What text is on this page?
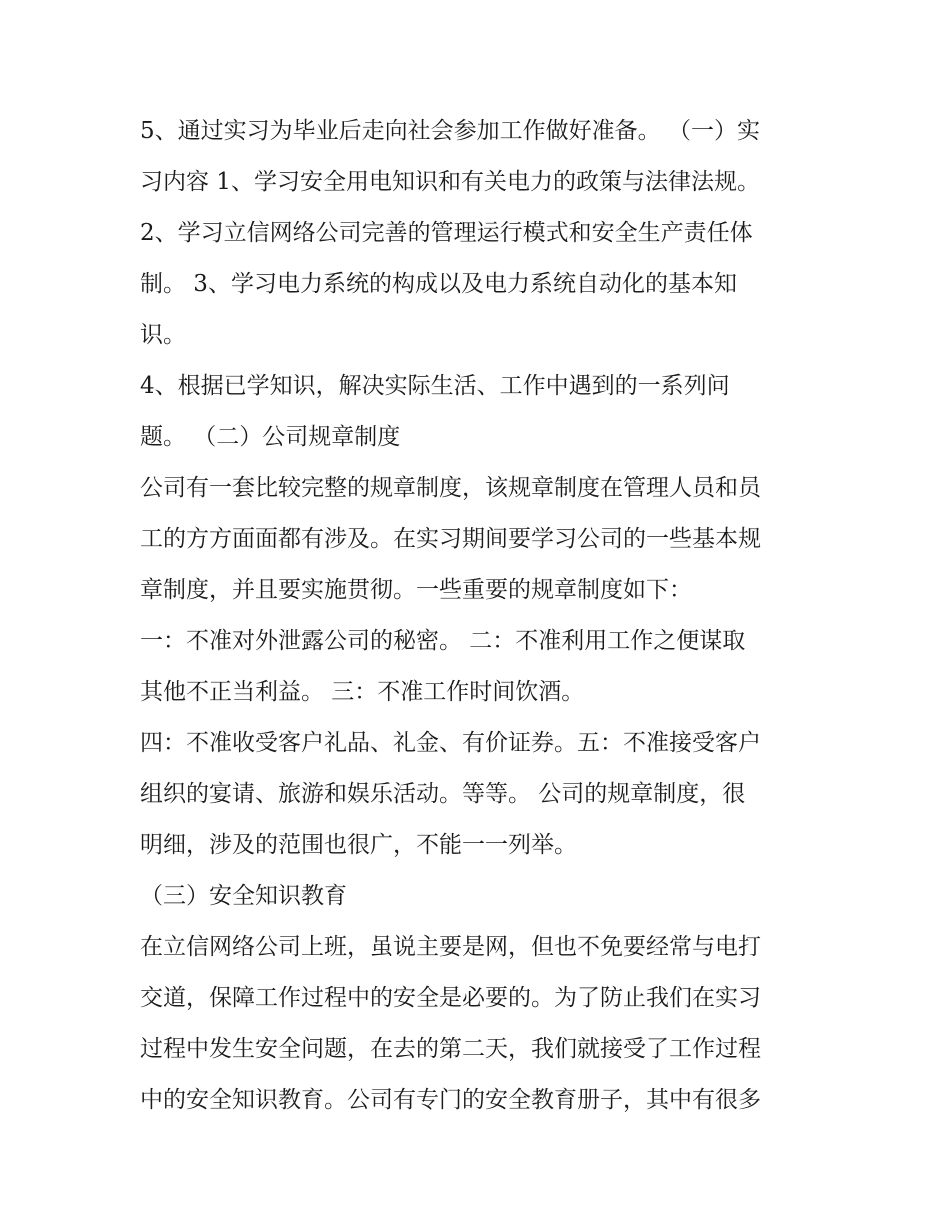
5、通过实习为毕业后走向社会参加工作做好准备。 （一）实
习内容 1、学习安全用电知识和有关电力的政策与法律法规。
2、学习立信网络公司完善的管理运行模式和安全生产责任体
制。 3、学习电力系统的构成以及电力系统自动化的基本知
识。
4、根据已学知识，解决实际生活、工作中遇到的一系列问
题。 （二）公司规章制度
公司有一套比较完整的规章制度，该规章制度在管理人员和员
工的方方面面都有涉及。在实习期间要学习公司的一些基本规
章制度，并且要实施贯彻。一些重要的规章制度如下：
一：不准对外泄露公司的秘密。 二：不准利用工作之便谋取
其他不正当利益。 三：不准工作时间饮酒。
四：不准收受客户礼品、礼金、有价证券。五：不准接受客户
组织的宴请、旅游和娱乐活动。等等。 公司的规章制度，很
明细，涉及的范围也很广，不能一一列举。
（三）安全知识教育
在立信网络公司上班，虽说主要是网，但也不免要经常与电打
交道，保障工作过程中的安全是必要的。为了防止我们在实习
过程中发生安全问题，在去的第二天，我们就接受了工作过程
中的安全知识教育。公司有专门的安全教育册子，其中有很多
